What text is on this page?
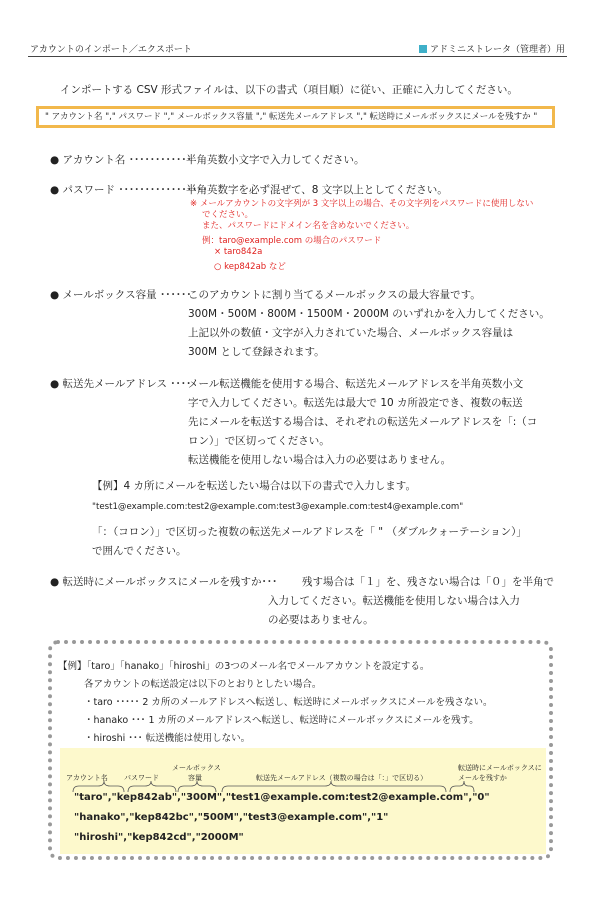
アカウントのインポート／エクスポート	アドミニストレータ（管理者）用
インポートする CSV 形式ファイルは、以下の書式（項目順）に従い、正確に入力してください。
" アカウント名 "," パスワード "," メールボックス容量 "," 転送先メールアドレス "," 転送時にメールボックスにメールを残すか "
● アカウント名 ････････････
半角英数小文字で入力してください。
● パスワード ･････････････････
半角英数字を必ず混ぜて、8 文字以上としてください。
※ メールアカウントの文字列が 3 文字以上の場合、その文字列をパスワードに使用しない
でください。
また、パスワードにドメイン名を含めないでください。
例：taro@example.com の場合のパスワード
× taro842a
○ kep842ab など
● メールボックス容量 ･･････
このアカウントに割り当てるメールボックスの最大容量です。
300M・500M・800M・1500M・2000M のいずれかを入力してください。
上記以外の数値・文字が入力されていた場合、メールボックス容量は
300M として登録されます。
● 転送先メールアドレス ････
メール転送機能を使用する場合、転送先メールアドレスを半角英数小文
字で入力してください。転送先は最大で 10 カ所設定でき、複数の転送
先にメールを転送する場合は、それぞれの転送先メールアドレスを「:（コ
ロン）」で区切ってください。
転送機能を使用しない場合は入力の必要はありません。
【例】4 カ所にメールを転送したい場合は以下の書式で入力します。
"test1@example.com:test2@example.com:test3@example.com:test4@example.com"
「：（コロン）」で区切った複数の転送先メールアドレスを「 " （ダブルクォーテーション）」
で囲んでください。
● 転送時にメールボックスにメールを残すか･･･ 残す場合は「１」を、残さない場合は「０」を半角で
入力してください。転送機能を使用しない場合は入力
の必要はありません。
【例】「taro」「hanako」「hiroshi」の3つのメール名でメールアカウントを設定する。
各アカウントの転送設定は以下のとおりとしたい場合。
・taro ･････ 2 カ所のメールアドレスへ転送し、転送時にメールボックスにメールを残さない。
・hanako ･･･ 1 カ所のメールアドレスへ転送し、転送時にメールボックスにメールを残す。
・hiroshi ･･･ 転送機能は使用しない。
アカウント名 パスワード
メールボックス
容量	転送先メールアドレス（複数の場合は「：」で区切る）
転送時にメールボックスに
メールを残すか
"taro","kep842ab","300M","test1@example.com:test2@example.com","0"
"hanako","kep842bc","500M","test3@example.com","1"
"hiroshi","kep842cd","2000M"
